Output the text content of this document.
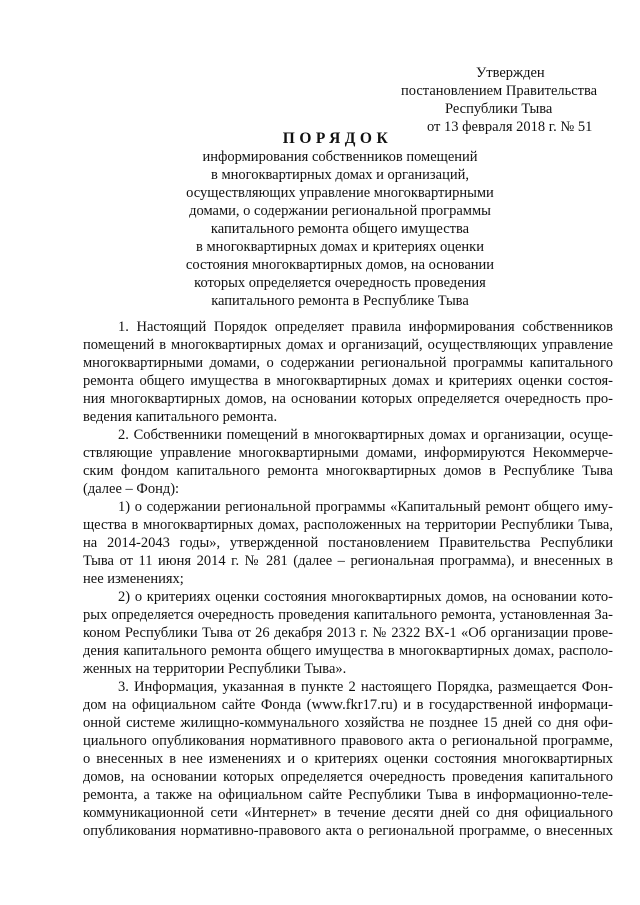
Утвержден
постановлением Правительства
Республики Тыва
от 13 февраля 2018 г. № 51
ПОРЯДОК
информирования собственников помещений
в многоквартирных домах и организаций,
осуществляющих управление многоквартирными
домами, о содержании региональной программы
капитального ремонта общего имущества
в многоквартирных домах и критериях оценки
состояния многоквартирных домов, на основании
которых определяется очередность проведения
капитального ремонта в Республике Тыва
1. Настоящий Порядок определяет правила информирования собственников
помещений в многоквартирных домах и организаций, осуществляющих управление
многоквартирными домами, о содержании региональной программы капитального
ремонта общего имущества в многоквартирных домах и критериях оценки состоя-
ния многоквартирных домов, на основании которых определяется очередность про-
ведения капитального ремонта.
2. Собственники помещений в многоквартирных домах и организации, осуще-
ствляющие управление многоквартирными домами, информируются Некоммерче-
ским фондом капитального ремонта многоквартирных домов в Республике Тыва
(далее – Фонд):
1) о содержании региональной программы «Капитальный ремонт общего иму-
щества в многоквартирных домах, расположенных на территории Республики Тыва,
на 2014-2043 годы», утвержденной постановлением Правительства Республики
Тыва от 11 июня 2014 г. № 281 (далее – региональная программа), и внесенных в
нее изменениях;
2) о критериях оценки состояния многоквартирных домов, на основании кото-
рых определяется очередность проведения капитального ремонта, установленная За-
коном Республики Тыва от 26 декабря 2013 г. № 2322 ВХ-1 «Об организации прове-
дения капитального ремонта общего имущества в многоквартирных домах, располо-
женных на территории Республики Тыва».
3. Информация, указанная в пункте 2 настоящего Порядка, размещается Фон-
дом на официальном сайте Фонда (www.fkr17.ru) и в государственной информаци-
онной системе жилищно-коммунального хозяйства не позднее 15 дней со дня офи-
циального опубликования нормативного правового акта о региональной программе,
о внесенных в нее изменениях и о критериях оценки состояния многоквартирных
домов, на основании которых определяется очередность проведения капитального
ремонта, а также на официальном сайте Республики Тыва в информационно-теле-
коммуникационной сети «Интернет» в течение десяти дней со дня официального
опубликования нормативно-правового акта о региональной программе, о внесенных
